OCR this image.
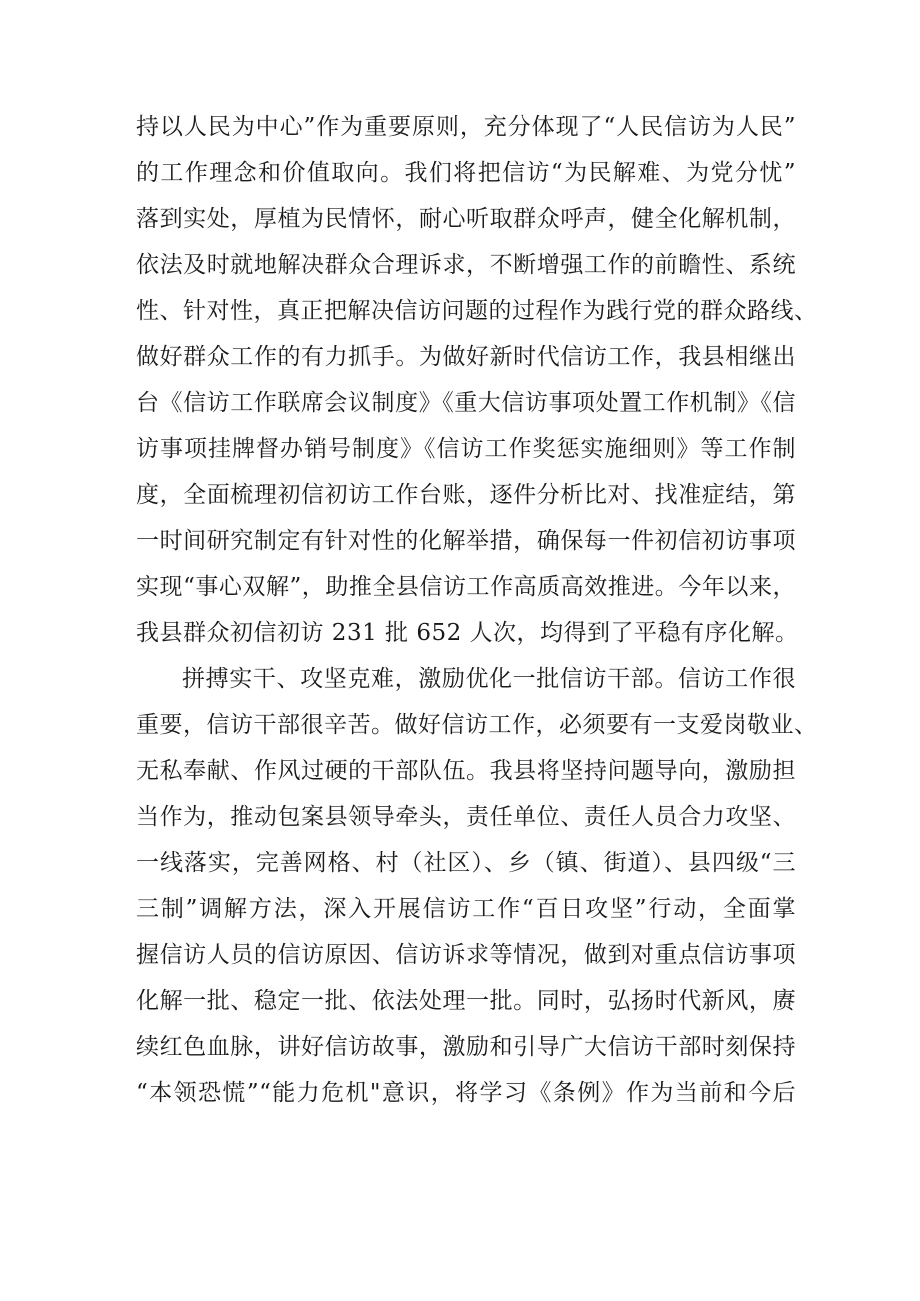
持以人民为中心”作为重要原则，充分体现了“人民信访为人民”
的工作理念和价值取向。我们将把信访“为民解难、为党分忧”
落到实处，厚植为民情怀，耐心听取群众呼声，健全化解机制，
依法及时就地解决群众合理诉求，不断增强工作的前瞻性、系统
性、针对性，真正把解决信访问题的过程作为践行党的群众路线、
做好群众工作的有力抓手。为做好新时代信访工作，我县相继出
台《信访工作联席会议制度》《重大信访事项处置工作机制》《信
访事项挂牌督办销号制度》《信访工作奖惩实施细则》等工作制
度，全面梳理初信初访工作台账，逐件分析比对、找准症结，第
一时间研究制定有针对性的化解举措，确保每一件初信初访事项
实现“事心双解”，助推全县信访工作高质高效推进。今年以来，
我县群众初信初访 231 批 652 人次，均得到了平稳有序化解。
拼搏实干、攻坚克难，激励优化一批信访干部。信访工作很
重要，信访干部很辛苦。做好信访工作，必须要有一支爱岗敬业、
无私奉献、作风过硬的干部队伍。我县将坚持问题导向，激励担
当作为，推动包案县领导牵头，责任单位、责任人员合力攻坚、
一线落实，完善网格、村（社区）、乡（镇、街道）、县四级“三
三制”调解方法，深入开展信访工作“百日攻坚”行动，全面掌
握信访人员的信访原因、信访诉求等情况，做到对重点信访事项
化解一批、稳定一批、依法处理一批。同时，弘扬时代新风，赓
续红色血脉，讲好信访故事，激励和引导广大信访干部时刻保持
“本领恐慌”“能力危机"意识，将学习《条例》作为当前和今后
